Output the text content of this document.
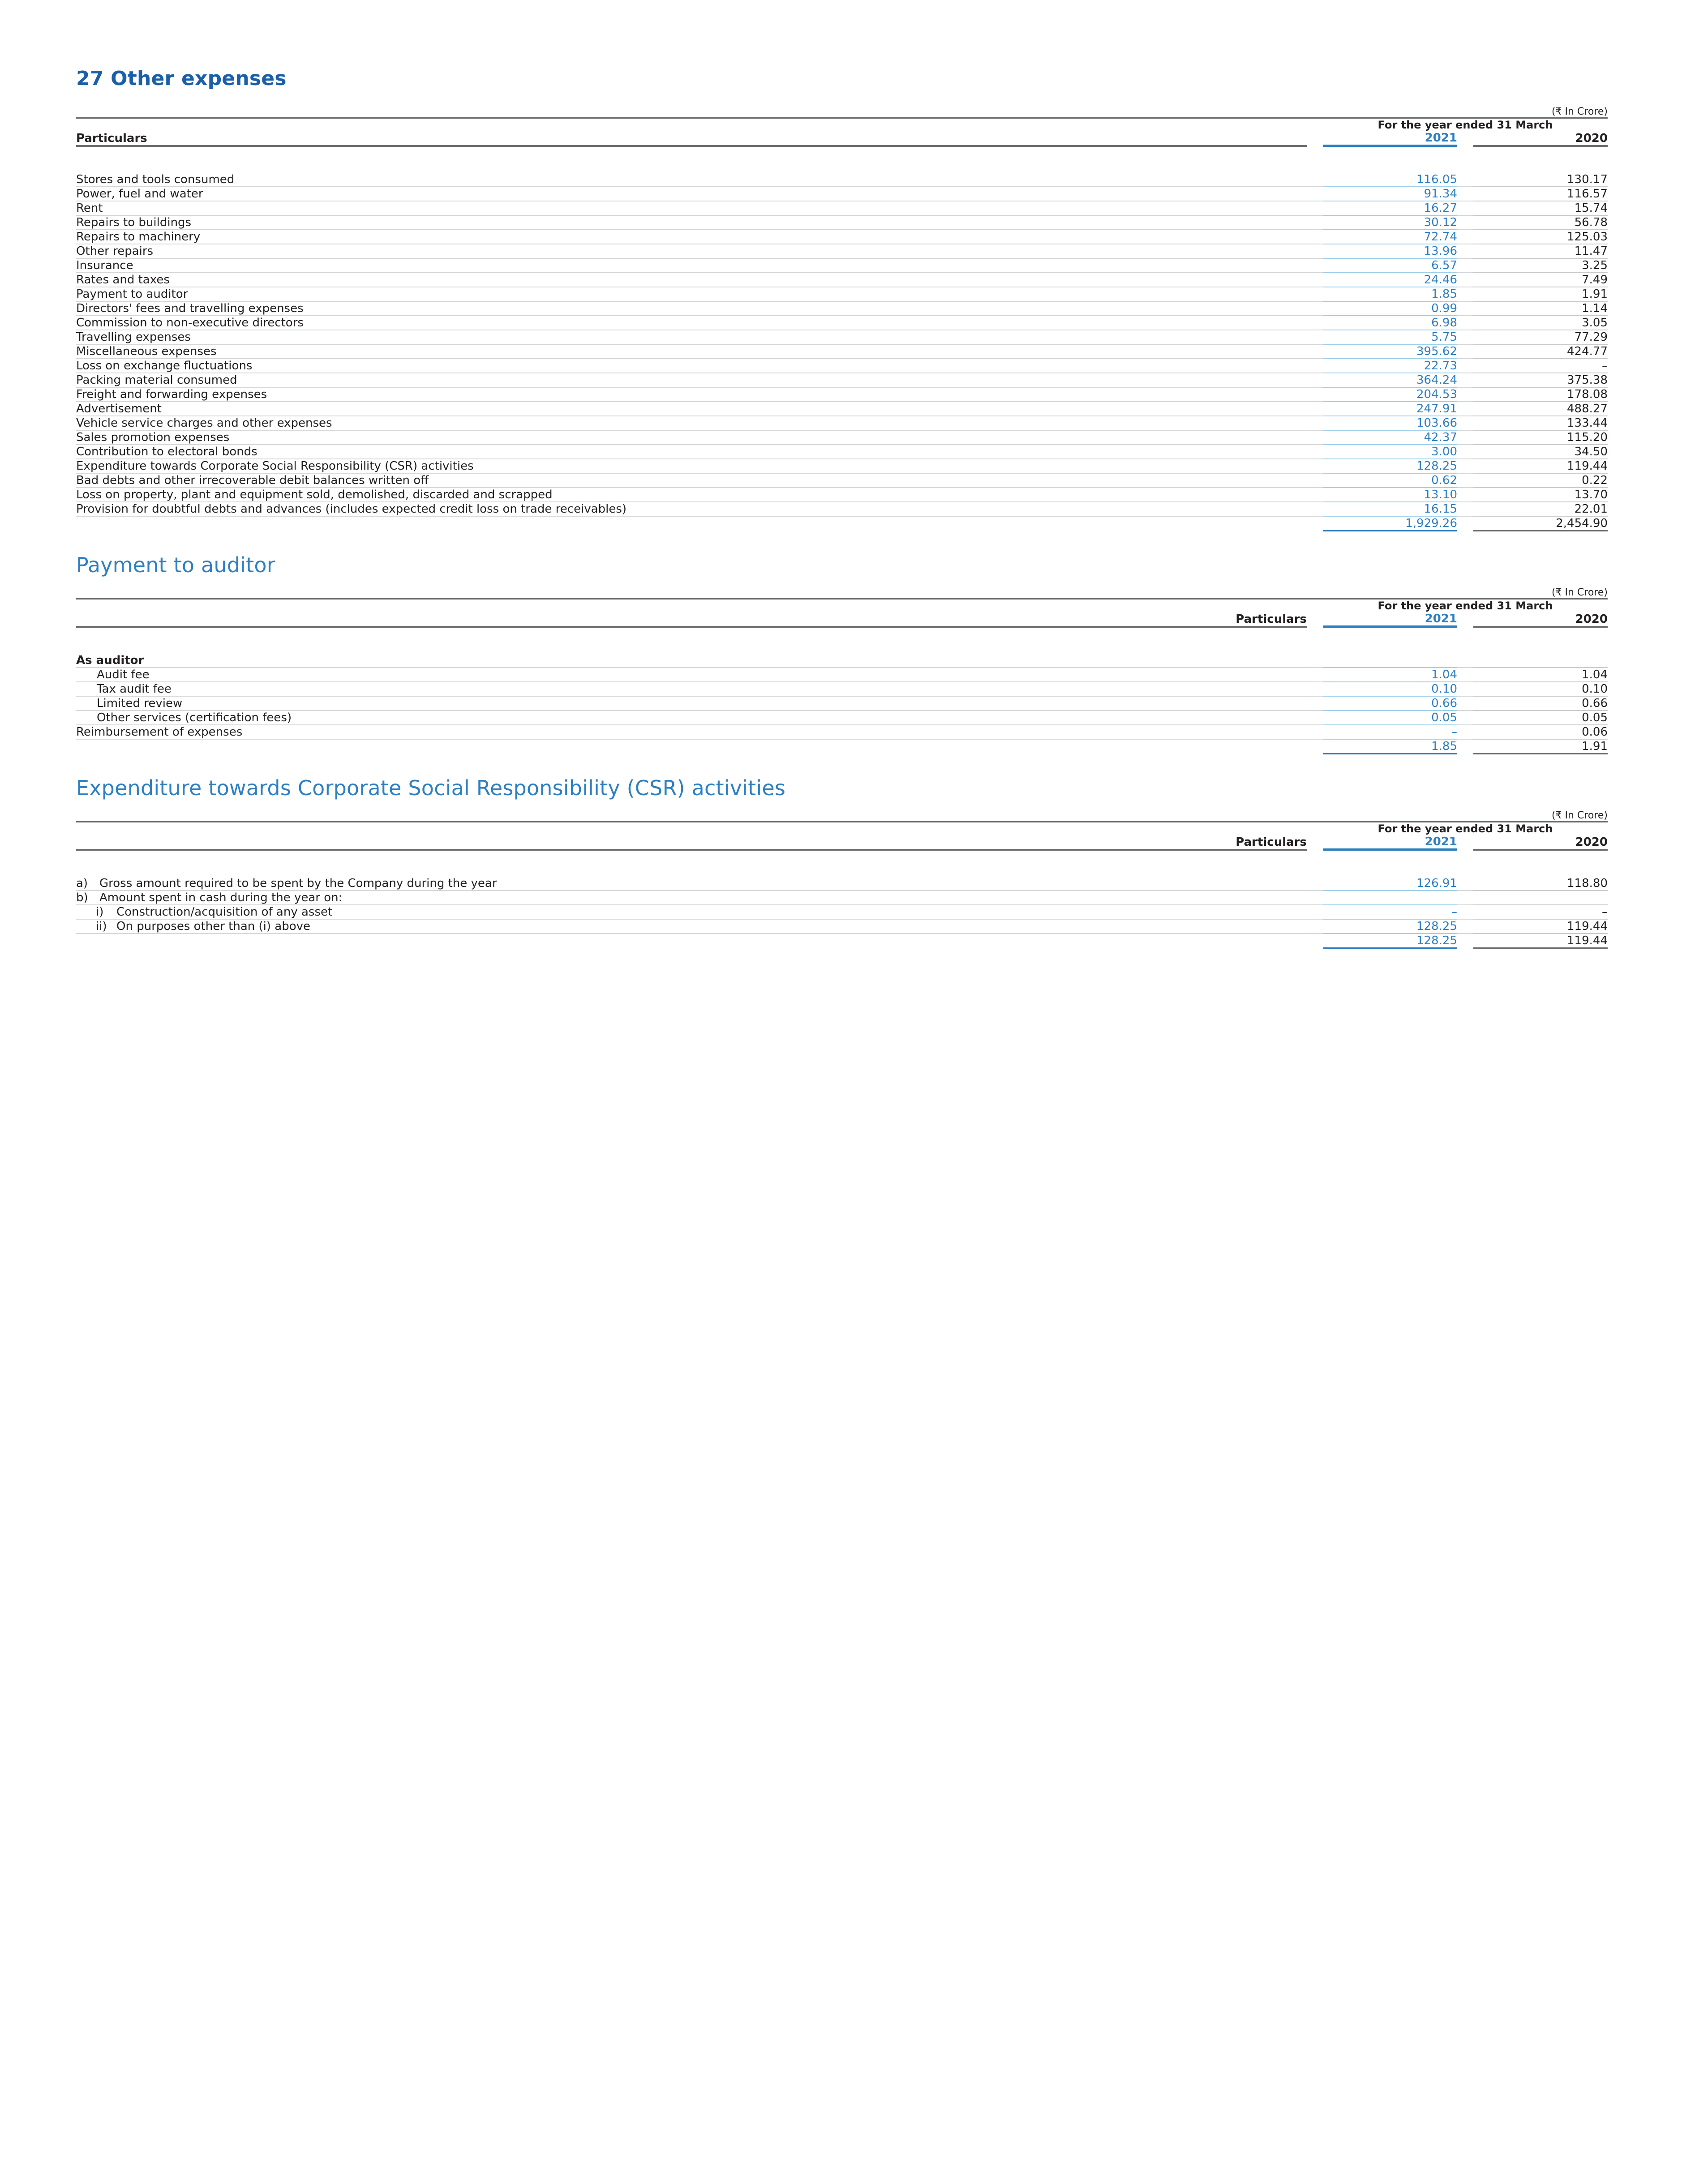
27 Other expenses
(₹ In Crore)				
		For the year ended 31 March		
Particulars		2021		2020

Stores and tools consumed		116.05		130.17
Power, fuel and water		91.34		116.57
Rent		16.27		15.74
Repairs to buildings		30.12		56.78
Repairs to machinery		72.74		125.03
Other repairs		13.96		11.47
Insurance		6.57		3.25
Rates and taxes		24.46		7.49
Payment to auditor		1.85		1.91
Directors' fees and travelling expenses		0.99		1.14
Commission to non-executive directors		6.98		3.05
Travelling expenses		5.75		77.29
Miscellaneous expenses		395.62		424.77
Loss on exchange fluctuations		22.73		–
Packing material consumed		364.24		375.38
Freight and forwarding expenses		204.53		178.08
Advertisement		247.91		488.27
Vehicle service charges and other expenses		103.66		133.44
Sales promotion expenses		42.37		115.20
Contribution to electoral bonds		3.00		34.50
Expenditure towards Corporate Social Responsibility (CSR) activities		128.25		119.44
Bad debts and other irrecoverable debit balances written off		0.62		0.22
Loss on property, plant and equipment sold, demolished, discarded and scrapped		13.10		13.70
Provision for doubtful debts and advances (includes expected credit loss on trade receivables)		16.15		22.01
		1,929.26		2,454.90
Payment to auditor
(₹ In Crore)				
		For the year ended 31 March		
Particulars		2021		2020

As auditor				
Audit fee		1.04		1.04
Tax audit fee		0.10		0.10
Limited review		0.66		0.66
Other services (certification fees)		0.05		0.05
Reimbursement of expenses		–		0.06
		1.85		1.91
Expenditure towards Corporate Social Responsibility (CSR) activities
(₹ In Crore)				
		For the year ended 31 March		
Particulars		2021		2020

a) Gross amount required to be spent by the Company during the year		126.91		118.80

b) Amount spent in cash during the year on:				

i) Construction/acquisition of any asset		–		–

ii) On purposes other than (i) above		128.25		119.44
		128.25		119.44
